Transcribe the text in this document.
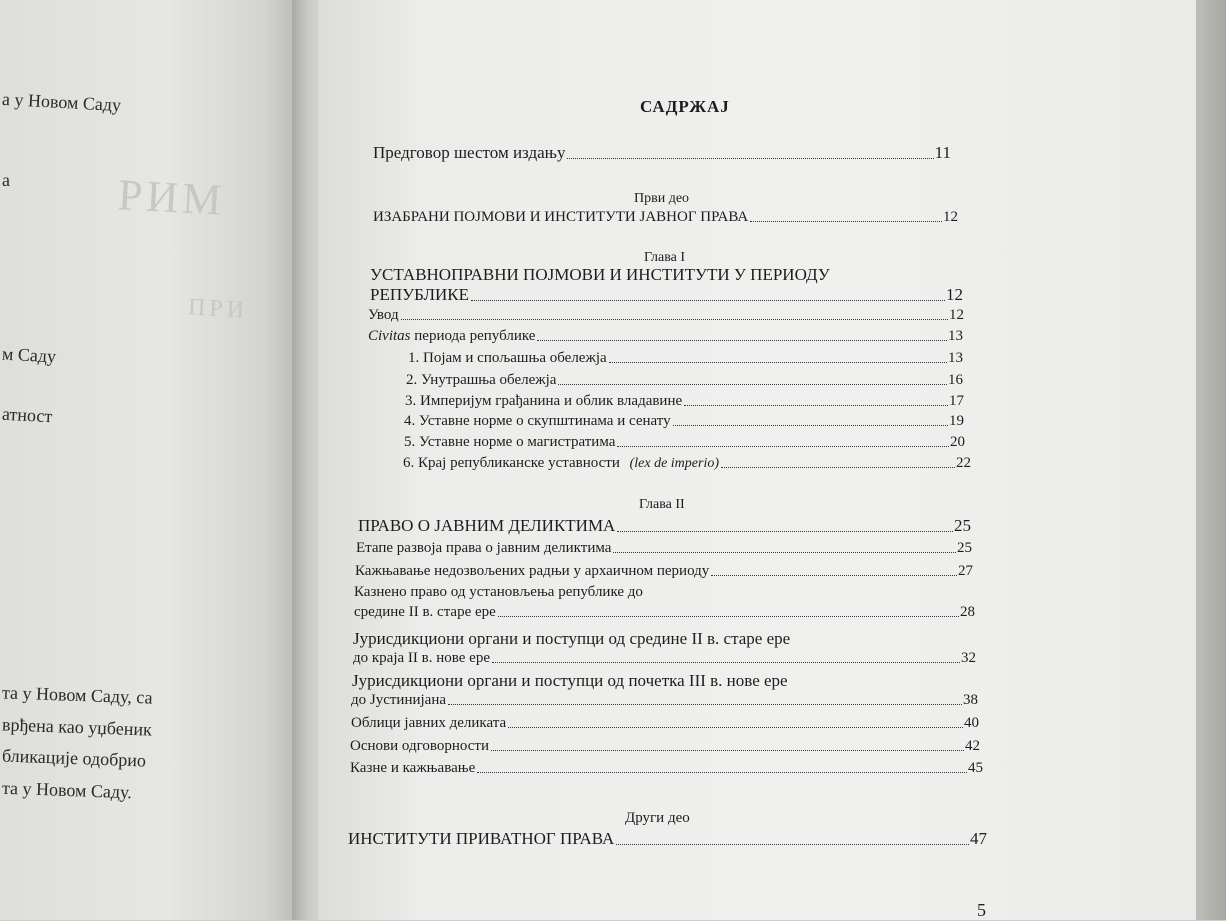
РИМ
ПРИ
а у Новом Саду
а
м Саду
атност
та у Новом Саду, са
врђена као уџбеник
бликације одобрио
та у Новом Саду.
САДРЖАЈ
Предговор шестом издању	11
Први део
ИЗАБРАНИ ПОЈМОВИ И ИНСТИТУТИ ЈАВНОГ ПРАВА	12
Глава I
УСТАВНОПРАВНИ ПОЈМОВИ И ИНСТИТУТИ У ПЕРИОДУ
РЕПУБЛИКЕ	12
Увод	12
Civitas периода републике	13
1. Појам и спољашња обележја	13
2. Унутрашња обележја	16
3. Империјум грађанина и облик владавине	17
4. Уставне норме о скупштинама и сенату	19
5. Уставне норме о магистратима	20
6. Крај републиканске уставности (lex de imperio)	22
Глава II
ПРАВО О ЈАВНИМ ДЕЛИКТИМА	25
Етапе развоја права о јавним деликтима	25
Кажњавање недозвољених радњи у архаичном периоду	27
Казнено право од установљења републике до
средине II в. старе ере	28
Јурисдикциони органи и поступци од средине II в. старе ере
до краја II в. нове ере	32
Јурисдикциони органи и поступци од почетка III в. нове ере
до Јустинијана	38
Облици јавних деликата	40
Основи одговорности	42
Казне и кажњавање	45
Други део
ИНСТИТУТИ ПРИВАТНОГ ПРАВА	47
5
